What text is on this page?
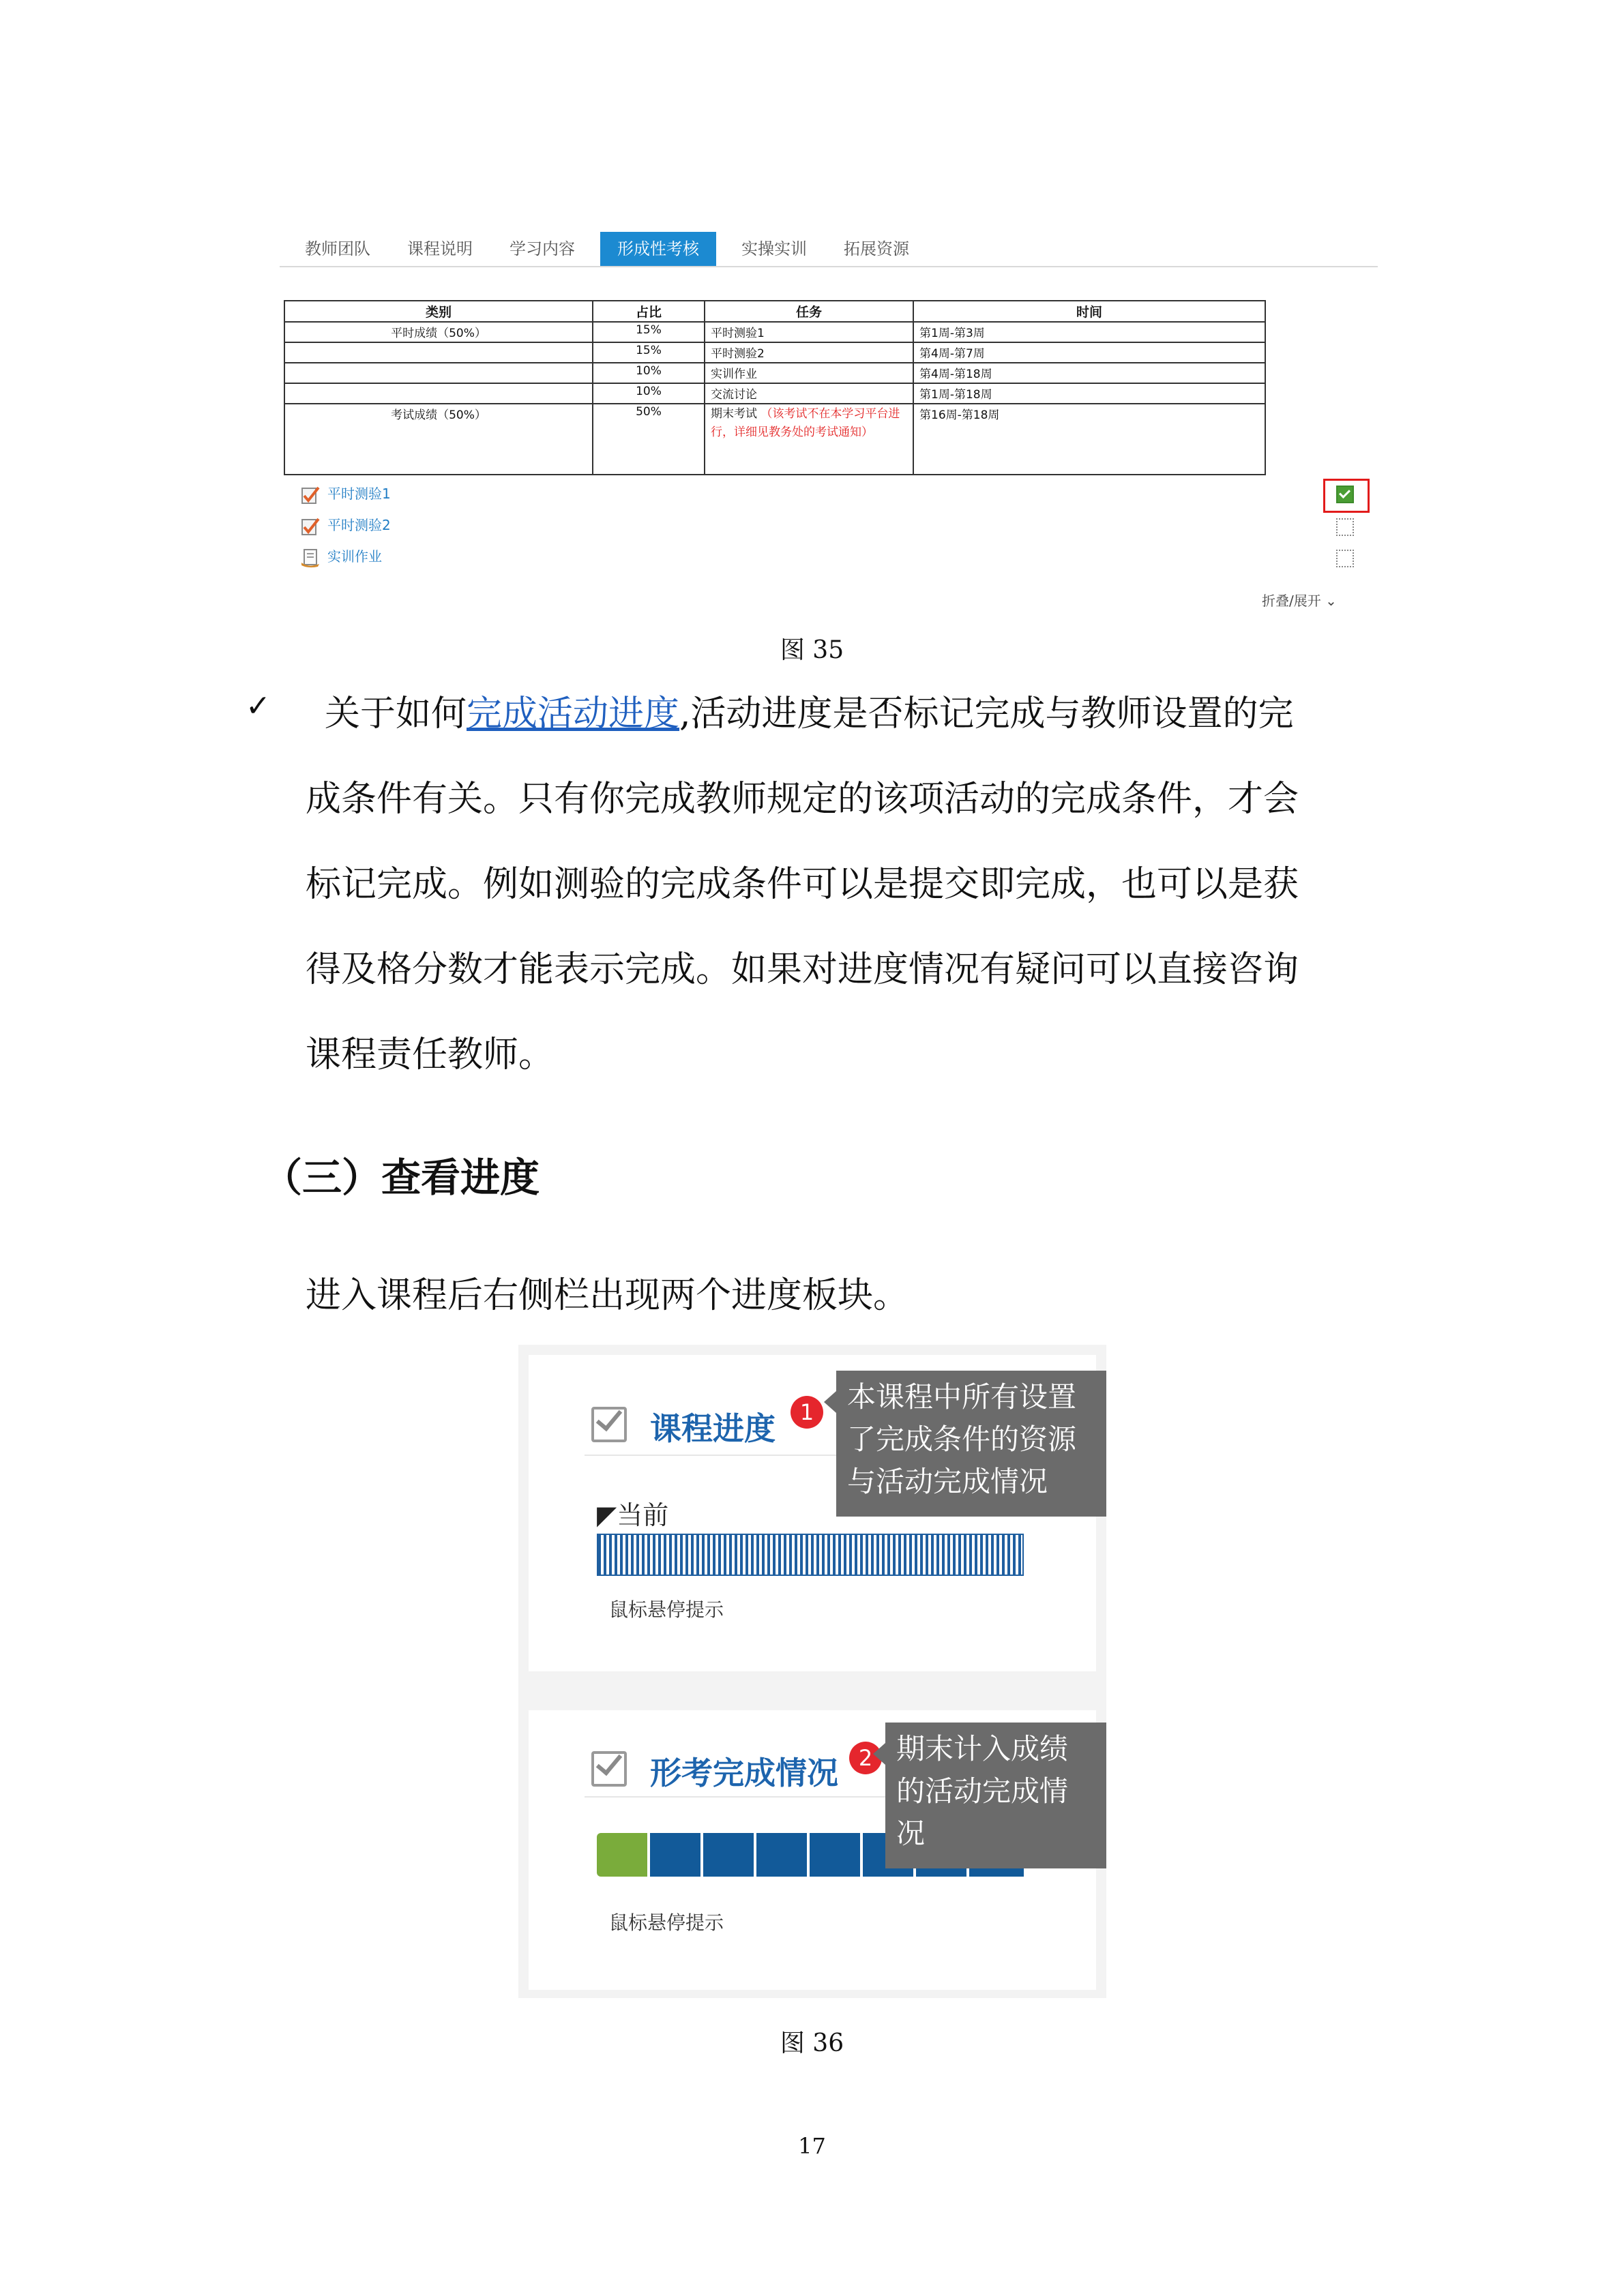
教师团队	课程说明	学习内容	形成性考核	实操实训	拓展资源
类别	占比	任务	时间
平时成绩（50%）	15%	平时测验1	第1周-第3周
	15%	平时测验2	第4周-第7周
	10%	实训作业	第4周-第18周
	10%	交流讨论	第1周-第18周
考试成绩（50%）	50%	期末考试 （该考试不在本学习平台进行，详细见教务处的考试通知）	第16周-第18周
平时测验1
平时测验2
实训作业
折叠/展开 ⌄
图 35
✓ 关于如何完成活动进度,活动进度是否标记完成与教师设置的完
成条件有关。只有你完成教师规定的该项活动的完成条件，才会
标记完成。例如测验的完成条件可以是提交即完成，也可以是获
得及格分数才能表示完成。如果对进度情况有疑问可以直接咨询
课程责任教师。
（三）查看进度
进入课程后右侧栏出现两个进度板块。
课程进度	1
◤当前
鼠标悬停提示
本课程中所有设置了完成条件的资源与活动完成情况
形考完成情况 2
鼠标悬停提示
期末计入成绩的活动完成情况
图 36
17
